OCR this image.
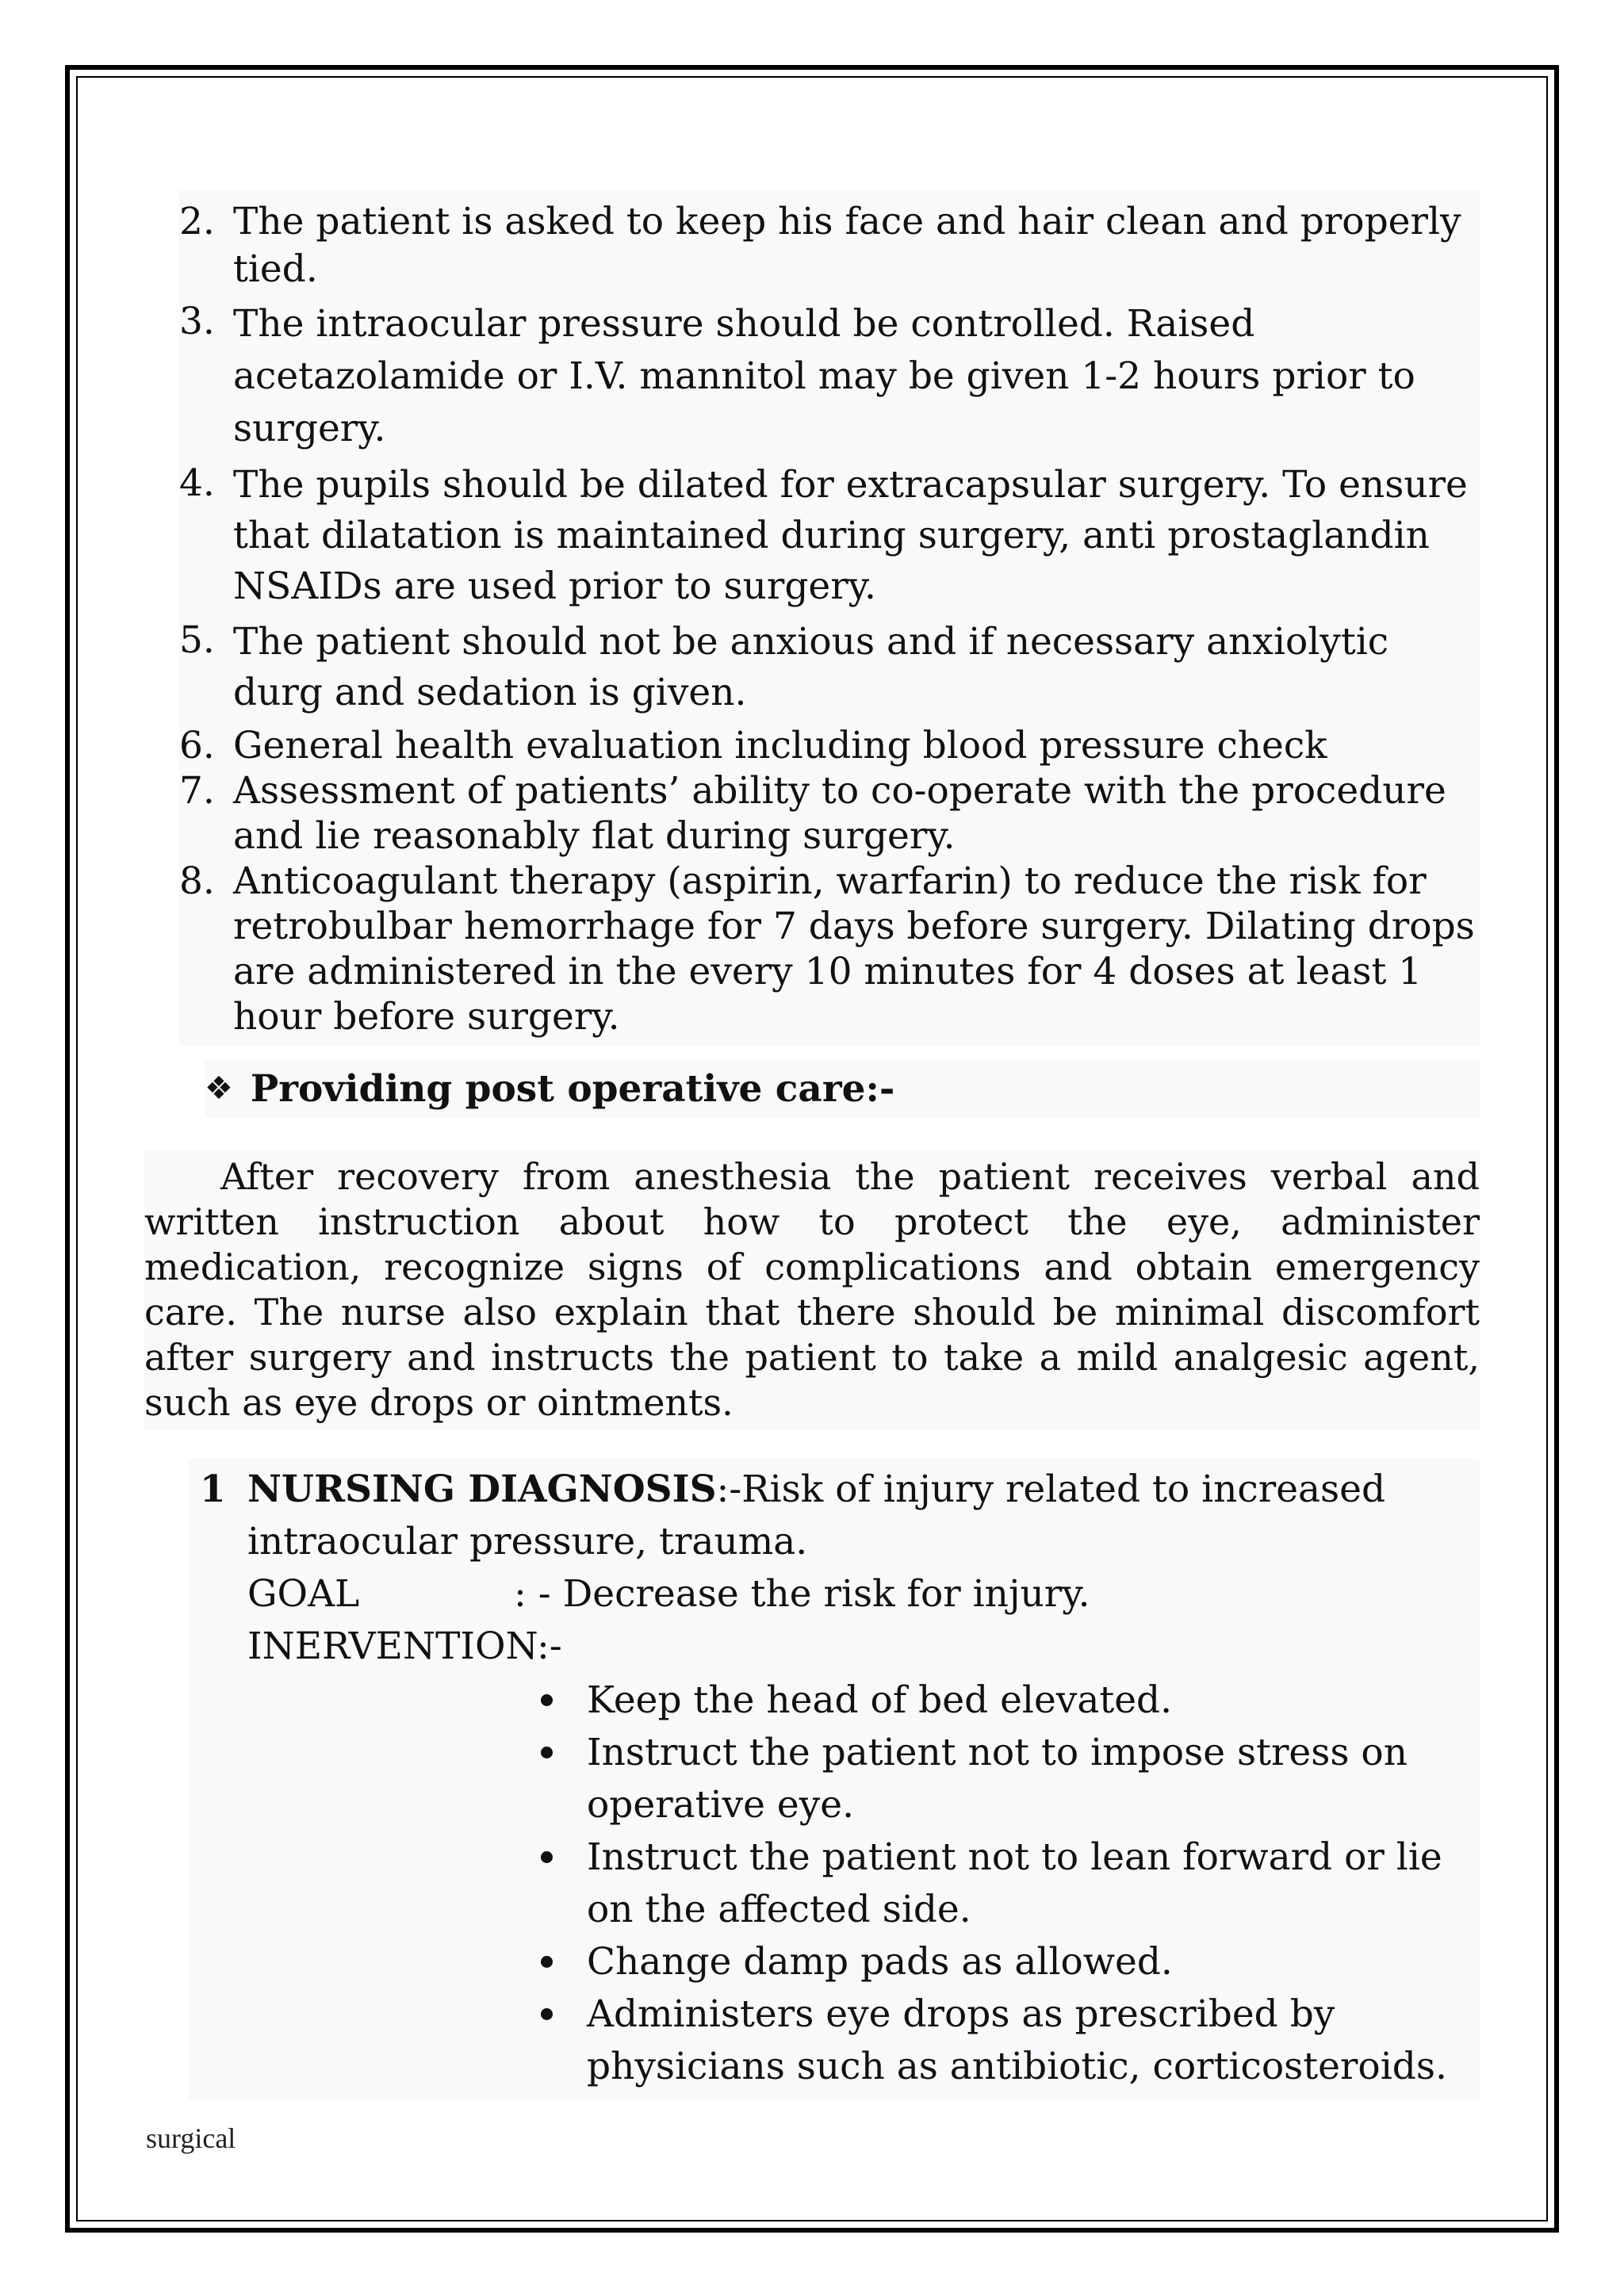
2. The patient is asked to keep his face and hair clean and properly tied.
3. The intraocular pressure should be controlled. Raised acetazolamide or I.V. mannitol may be given 1-2 hours prior to surgery.
4. The pupils should be dilated for extracapsular surgery. To ensure that dilatation is maintained during surgery, anti prostaglandin NSAIDs are used prior to surgery.
5. The patient should not be anxious and if necessary anxiolytic durg and sedation is given.
6. General health evaluation including blood pressure check
7. Assessment of patients’ ability to co-operate with the procedure and lie reasonably flat during surgery.
8. Anticoagulant therapy (aspirin, warfarin) to reduce the risk for retrobulbar hemorrhage for 7 days before surgery. Dilating drops are administered in the every 10 minutes for 4 doses at least 1 hour before surgery.
❖ Providing post operative care:-
After recovery from anesthesia the patient receives verbal and written instruction about how to protect the eye, administer medication, recognize signs of complications and obtain emergency care. The nurse also explain that there should be minimal discomfort after surgery and instructs the patient to take a mild analgesic agent, such as eye drops or ointments.
1 NURSING DIAGNOSIS:-Risk of injury related to increased intraocular pressure, trauma.
GOAL	: - Decrease the risk for injury.
INERVENTION:-
Keep the head of bed elevated.
Instruct the patient not to impose stress on operative eye.
Instruct the patient not to lean forward or lie on the affected side.
Change damp pads as allowed.
Administers eye drops as prescribed by physicians such as antibiotic, corticosteroids.
surgical
